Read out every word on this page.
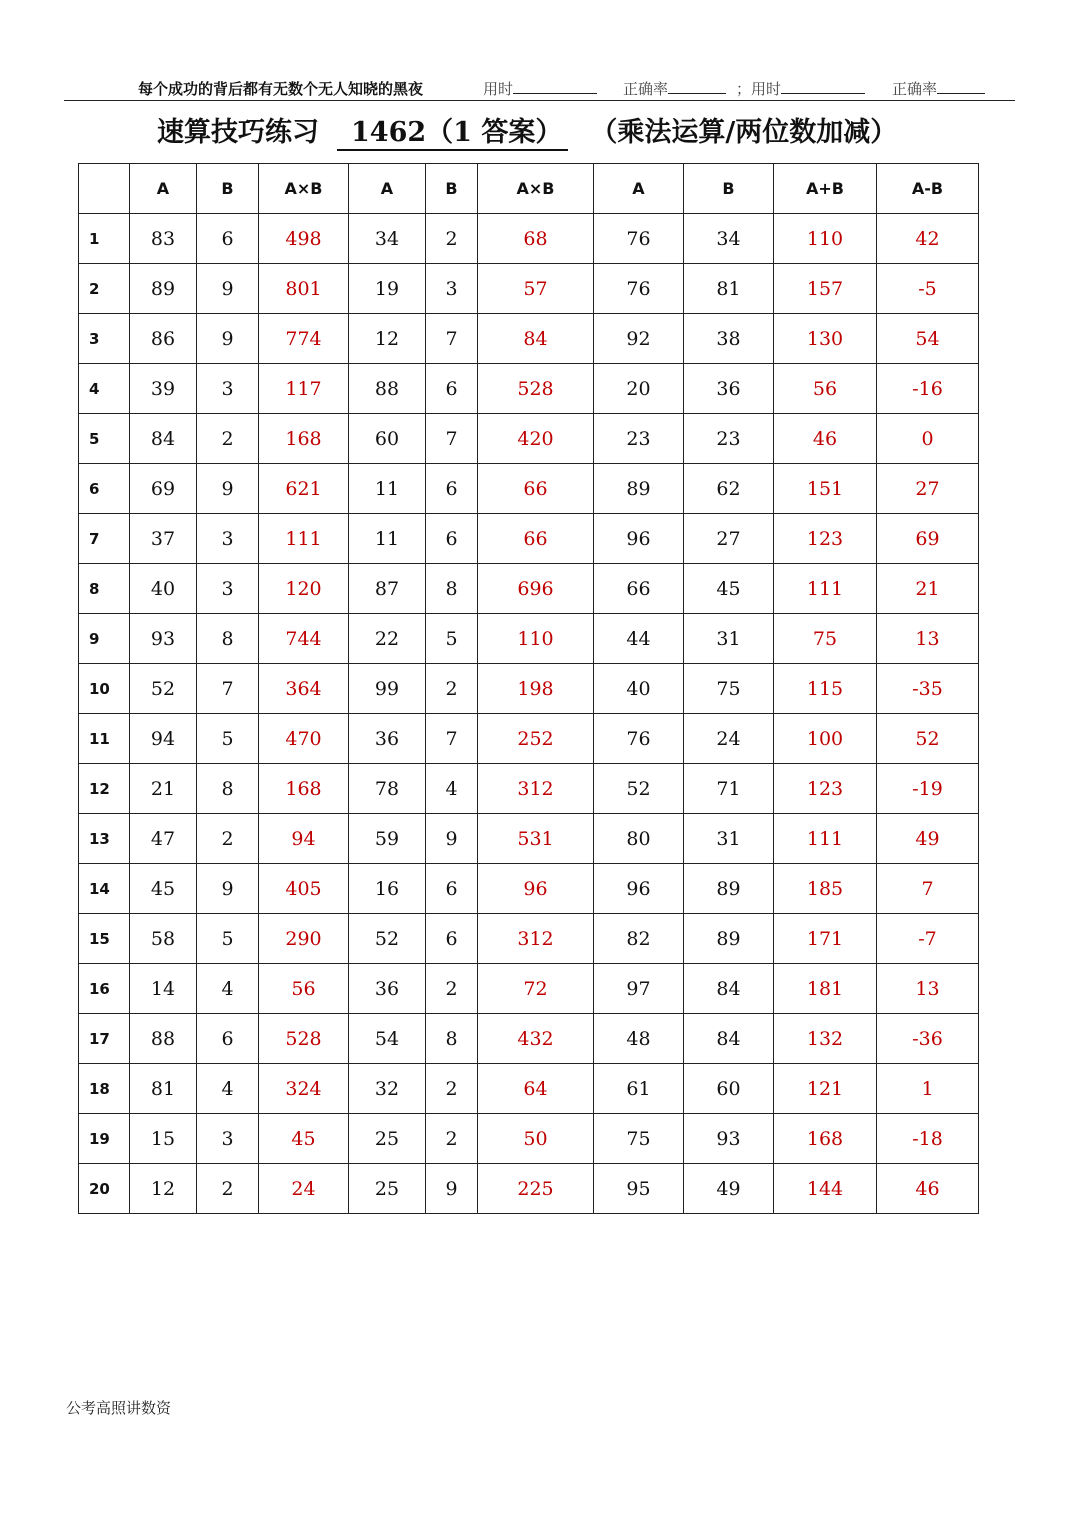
每个成功的背后都有无数个无人知晓的黑夜	用时	正确率	；用时	正确率
速算技巧练习 1462（1 答案） （乘法运算/两位数加减）
	A	B	A×B	A	B	A×B	A	B	A+B	A-B
1	83	6	498	34	2	68	76	34	110	42
2	89	9	801	19	3	57	76	81	157	-5
3	86	9	774	12	7	84	92	38	130	54
4	39	3	117	88	6	528	20	36	56	-16
5	84	2	168	60	7	420	23	23	46	0
6	69	9	621	11	6	66	89	62	151	27
7	37	3	111	11	6	66	96	27	123	69
8	40	3	120	87	8	696	66	45	111	21
9	93	8	744	22	5	110	44	31	75	13
10	52	7	364	99	2	198	40	75	115	-35
11	94	5	470	36	7	252	76	24	100	52
12	21	8	168	78	4	312	52	71	123	-19
13	47	2	94	59	9	531	80	31	111	49
14	45	9	405	16	6	96	96	89	185	7
15	58	5	290	52	6	312	82	89	171	-7
16	14	4	56	36	2	72	97	84	181	13
17	88	6	528	54	8	432	48	84	132	-36
18	81	4	324	32	2	64	61	60	121	1
19	15	3	45	25	2	50	75	93	168	-18
20	12	2	24	25	9	225	95	49	144	46
公考高照讲数资
